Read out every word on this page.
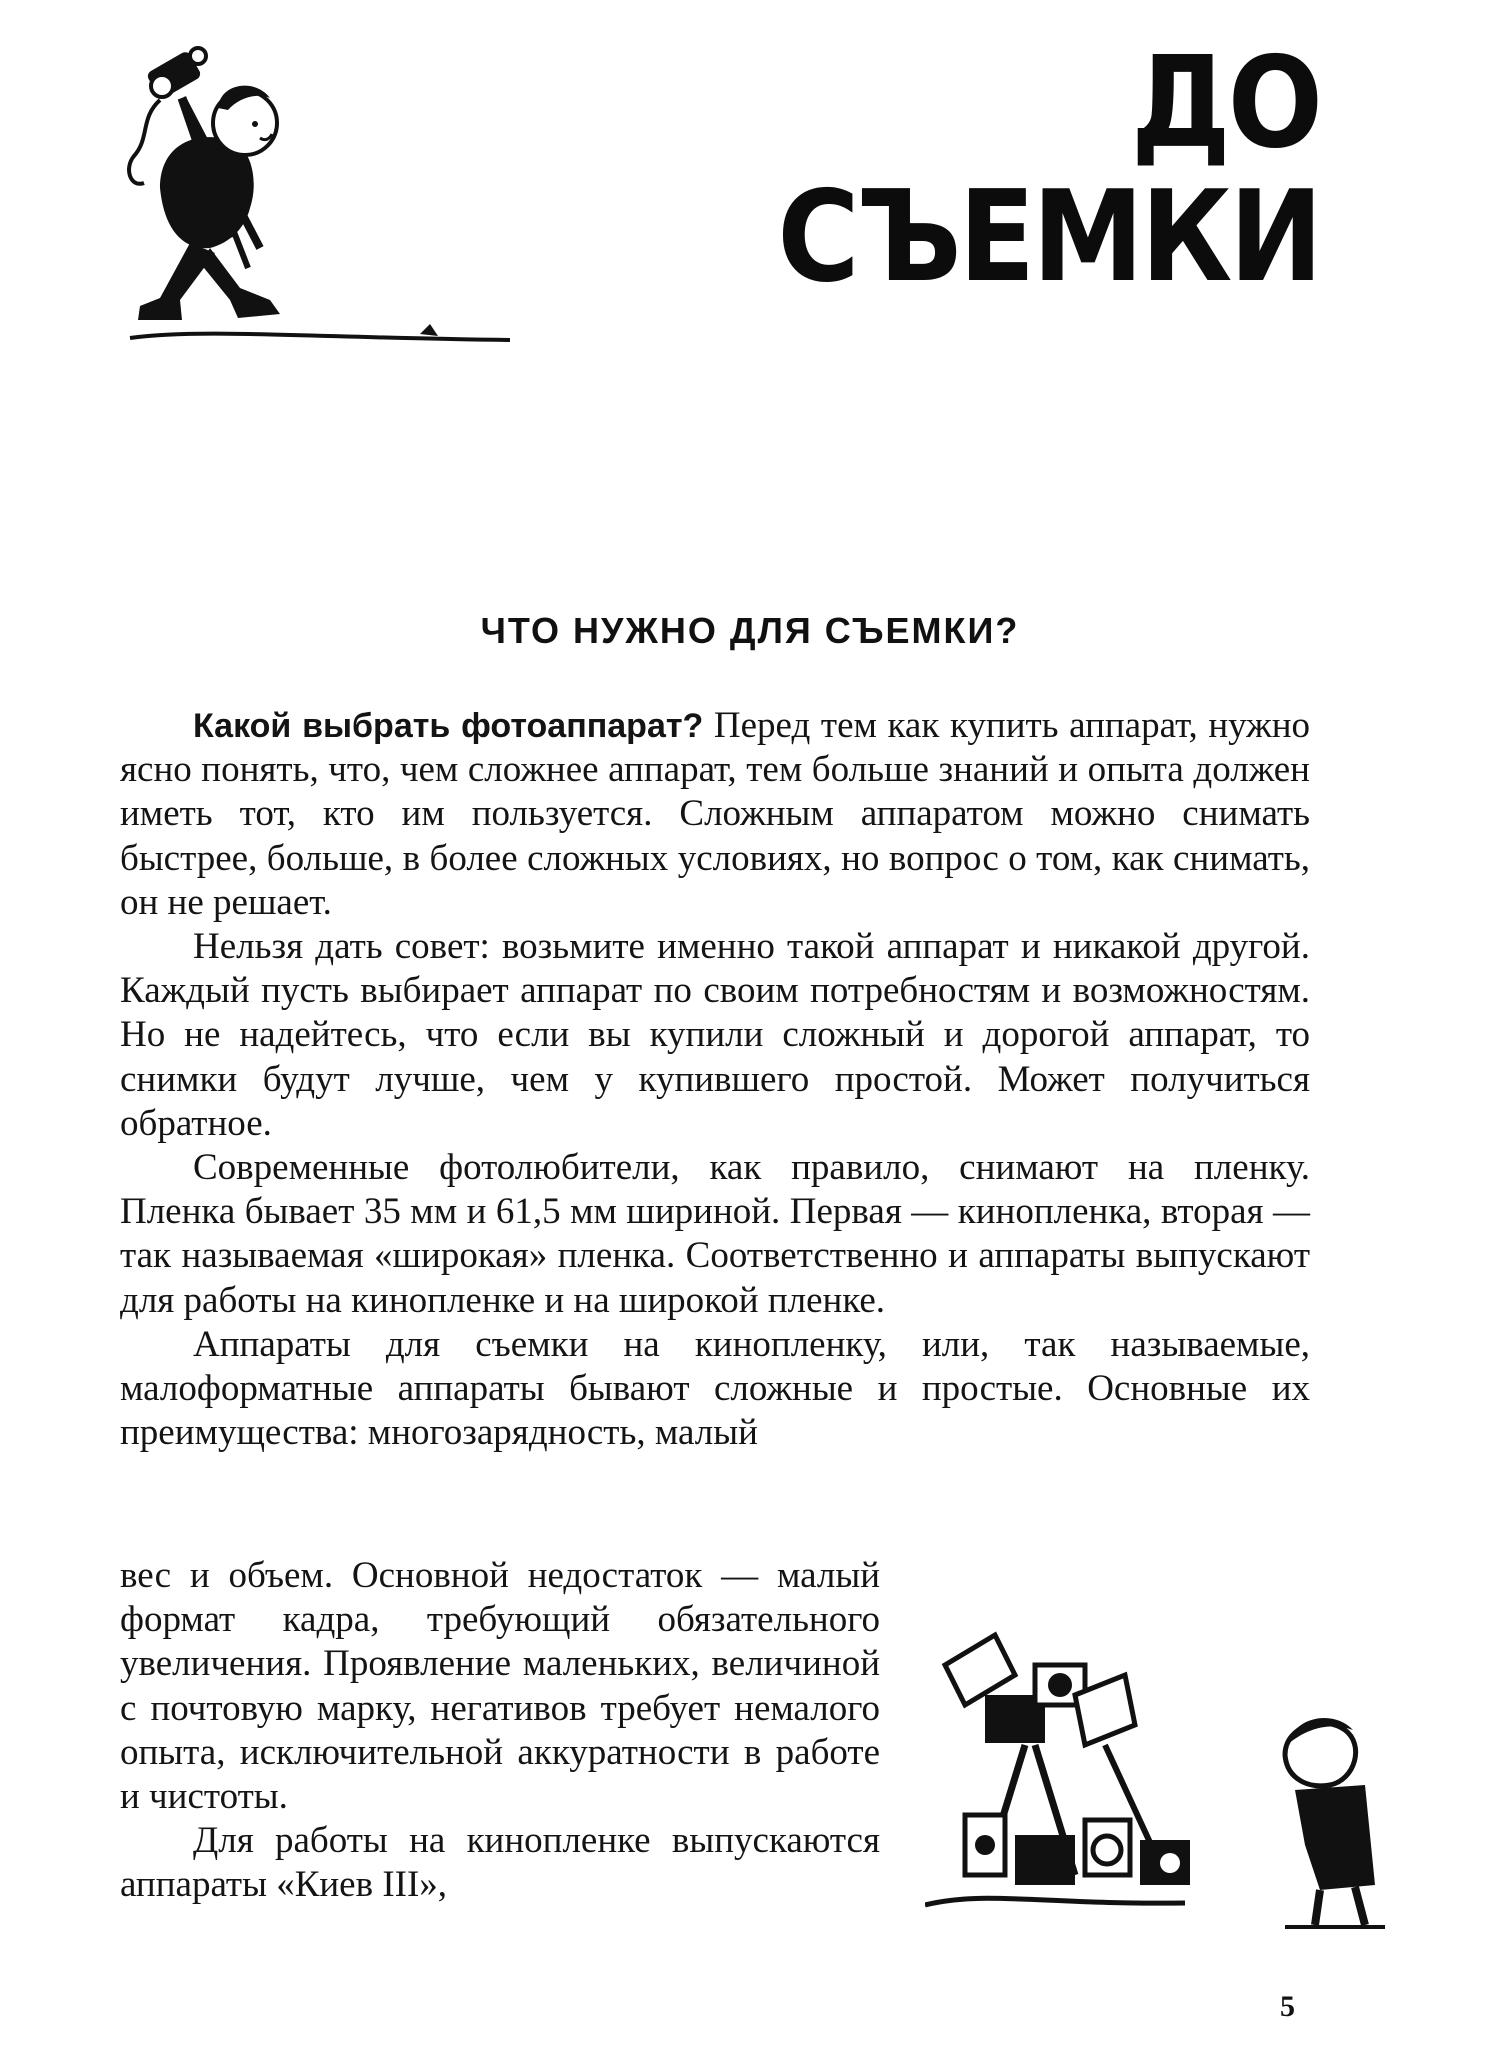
ДО СЪЕМКИ
ЧТО НУЖНО ДЛЯ СЪЕМКИ?

Какой выбрать фотоаппарат? Перед тем как купить аппарат, нужно ясно понять, что, чем сложнее аппарат, тем больше знаний и опыта должен иметь тот, кто им пользуется. Сложным аппаратом можно снимать быстрее, больше, в более сложных условиях, но вопрос о том, как снимать, он не решает.

Нельзя дать совет: возьмите именно такой аппарат и никакой другой. Каждый пусть выбирает аппарат по своим потребностям и возможностям. Но не надейтесь, что если вы купили сложный и дорогой аппарат, то снимки будут лучше, чем у купившего простой. Может получиться обратное.

Современные фотолюбители, как правило, снимают на пленку. Пленка бывает 35 мм и 61,5 мм шириной. Первая — кинопленка, вторая — так называемая «широкая» пленка. Соответственно и аппараты выпускают для работы на кинопленке и на широкой пленке.

Аппараты для съемки на кинопленку, или, так называемые, малоформатные аппараты бывают сложные и простые. Основные их преимущества: многозарядность, малый

вес и объем. Основной недостаток — малый формат кадра, требующий обязательного увеличения. Проявление маленьких, величиной с почтовую марку, негативов требует немалого опыта, исключительной аккуратности в работе и чистоты.

Для работы на кинопленке выпускаются аппараты «Киев III»,

5
